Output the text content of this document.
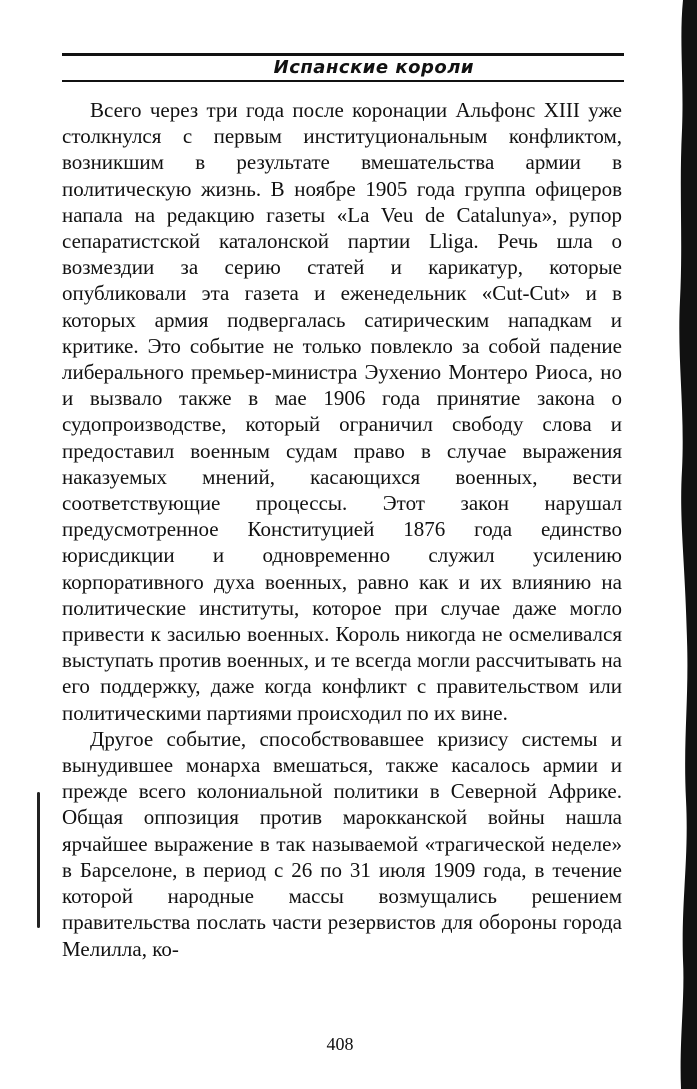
Испанские короли

Всего через три года после коронации Альфонс XIII уже столкнулся с первым институциональным конфликтом, возникшим в результате вмешательства армии в политическую жизнь. В ноябре 1905 года группа офицеров напала на редакцию газеты «La Veu de Catalunya», рупор сепаратистской каталонской партии Lliga. Речь шла о возмездии за серию статей и карикатур, которые опубликовали эта газета и еженедельник «Cut-Cut» и в которых армия подвергалась сатирическим нападкам и критике. Это событие не только повлекло за собой падение либерального премьер-министра Эухенио Монтеро Риоса, но и вызвало также в мае 1906 года принятие закона о судопроизводстве, который ограничил свободу слова и предоставил военным судам право в случае выражения наказуемых мнений, касающихся военных, вести соответствующие процессы. Этот закон нарушал предусмотренное Конституцией 1876 года единство юрисдикции и одновременно служил усилению корпоративного духа военных, равно как и их влиянию на политические институты, которое при случае даже могло привести к засилью военных. Король никогда не осмеливался выступать против военных, и те всегда могли рассчитывать на его поддержку, даже когда конфликт с правительством или политическими партиями происходил по их вине.

Другое событие, способствовавшее кризису системы и вынудившее монарха вмешаться, также касалось армии и прежде всего колониальной политики в Северной Африке. Общая оппозиция против марокканской войны нашла ярчайшее выражение в так называемой «трагической неделе» в Барселоне, в период с 26 по 31 июля 1909 года, в течение которой народные массы возмущались решением правительства послать части резервистов для обороны города Мелилла, ко-

408
